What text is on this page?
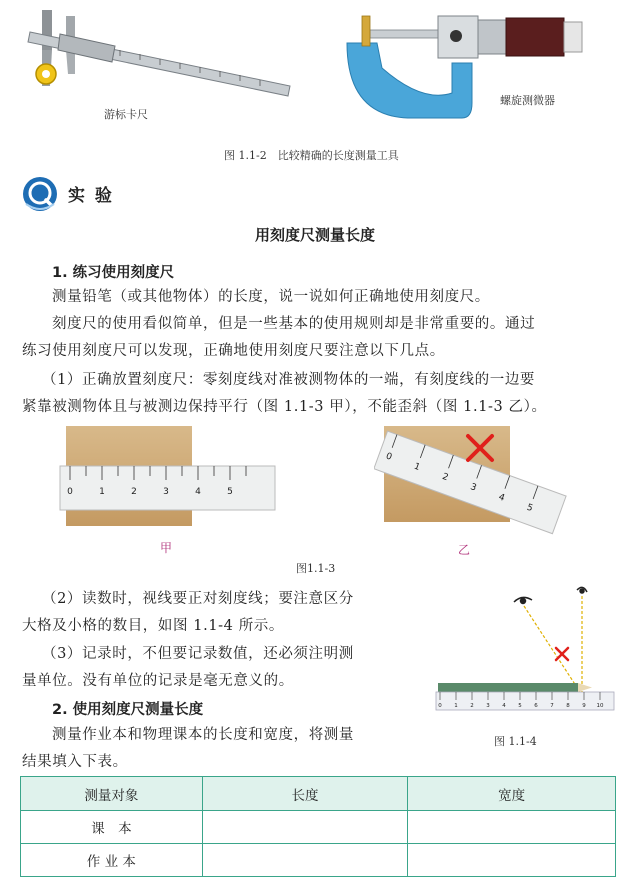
游标卡尺
螺旋测微器
图 1.1-2　比较精确的长度测量工具
实 验
用刻度尺测量长度
1. 练习使用刻度尺
测量铅笔（或其他物体）的长度，说一说如何正确地使用刻度尺。
刻度尺的使用看似简单，但是一些基本的使用规则却是非常重要的。通过
练习使用刻度尺可以发现，正确地使用刻度尺要注意以下几点。
（1）正确放置刻度尺：零刻度线对准被测物体的一端，有刻度线的一边要
紧靠被测物体且与被测边保持平行（图 1.1-3 甲），不能歪斜（图 1.1-3 乙）。
0	1	2	3	4	5
0
1
2
3
4
5
甲	乙
图1.1-3
（2）读数时，视线要正对刻度线；要注意区分
大格及小格的数目，如图 1.1-4 所示。
（3）记录时，不但要记录数值，还必须注明测
量单位。没有单位的记录是毫无意义的。
0 1 2 3 4 5 6 7 8 9 10
图 1.1-4
2. 使用刻度尺测量长度
测量作业本和物理课本的长度和宽度，将测量
结果填入下表。
测量对象	长度	宽度
课　本		
作 业 本		
